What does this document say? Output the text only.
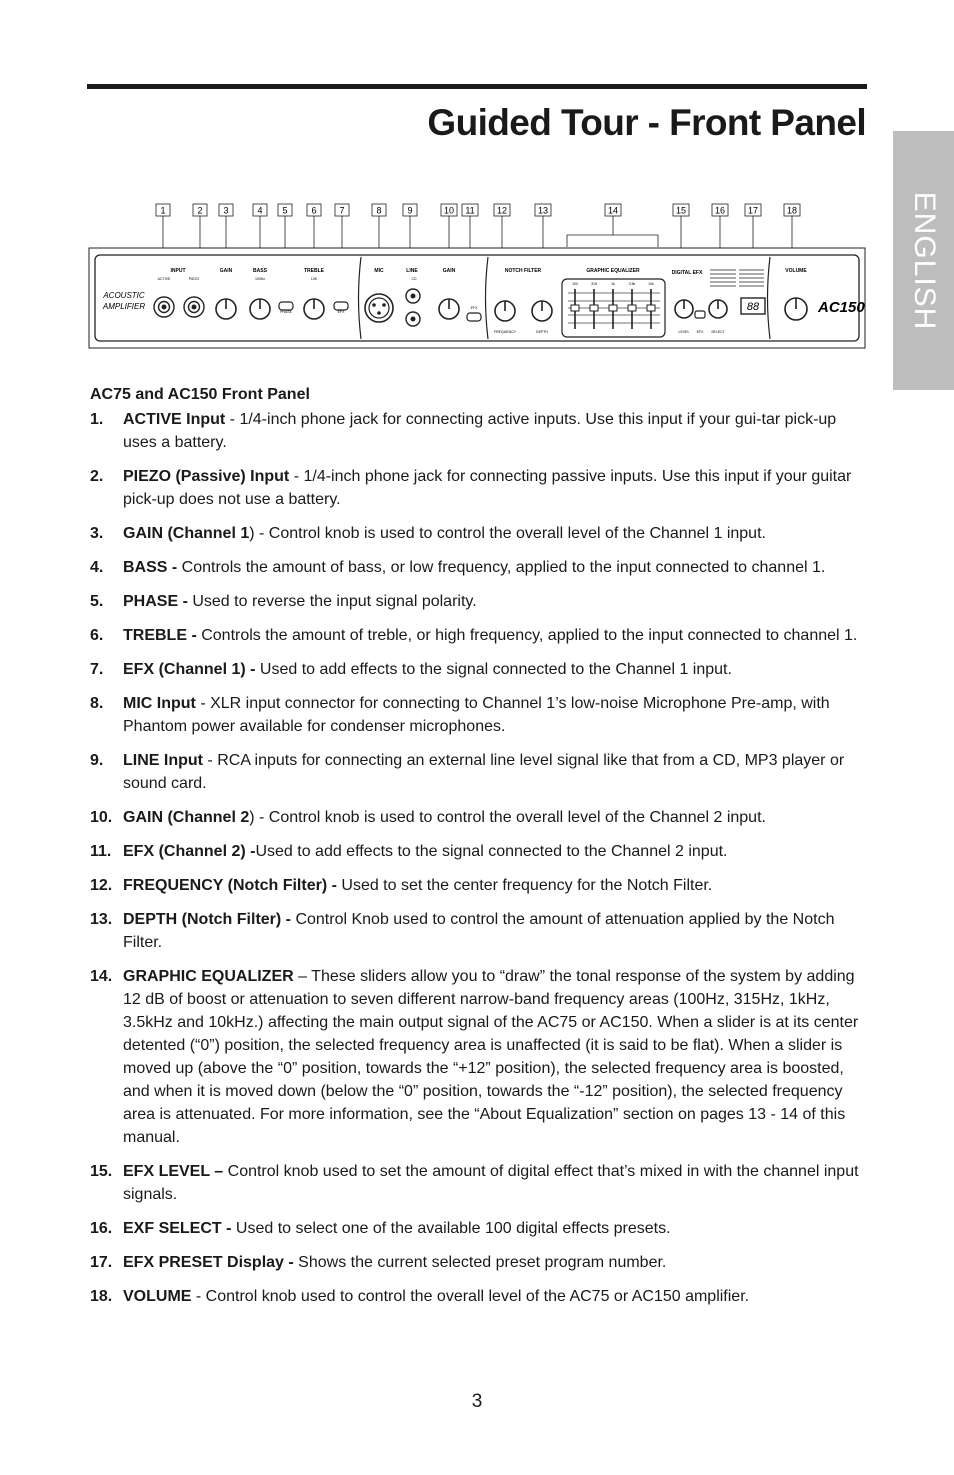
Guided Tour - Front Panel
ENGLISH
1	2 3	4 5	6	7	8	9	10 11 12	13	14	15	16	17	18
ACOUSTIC
AMPLIFIER
INPUT	GAIN	BASS	TREBLE	MIC	LINE	GAIN	NOTCH FILTER	GRAPHIC EQUALIZER	DIGITAL EFX	VOLUME
ACTIVE	PIEZO	100Hz	10K	CD
PHASE	EFX
EFX
FREQUENCY	DEPTH	LEVEL EFX SELECT
100	315	1k	3.5k	10k
88	AC150
AC75 and AC150 Front Panel
1. ACTIVE Input - 1/4-inch phone jack for connecting active inputs. Use this input if your gui-tar pick-up uses a battery.
2. PIEZO (Passive) Input - 1/4-inch phone jack for connecting passive inputs. Use this input if your guitar pick-up does not use a battery.
3. GAIN (Channel 1) - Control knob is used to control the overall level of the Channel 1 input.
4. BASS - Controls the amount of bass, or low frequency, applied to the input connected to channel 1.
5. PHASE - Used to reverse the input signal polarity.
6. TREBLE - Controls the amount of treble, or high frequency, applied to the input connected to channel 1.
7. EFX (Channel 1) - Used to add effects to the signal connected to the Channel 1 input.
8. MIC Input - XLR input connector for connecting to Channel 1’s low-noise Microphone Pre-amp, with Phantom power available for condenser microphones.
9. LINE Input - RCA inputs for connecting an external line level signal like that from a CD, MP3 player or sound card.
10. GAIN (Channel 2) - Control knob is used to control the overall level of the Channel 2 input.
11. EFX (Channel 2) -Used to add effects to the signal connected to the Channel 2 input.
12. FREQUENCY (Notch Filter) - Used to set the center frequency for the Notch Filter.
13. DEPTH (Notch Filter) - Control Knob used to control the amount of attenuation applied by the Notch Filter.
14. GRAPHIC EQUALIZER – These sliders allow you to “draw” the tonal response of the system by adding 12 dB of boost or attenuation to seven different narrow-band frequency areas (100Hz, 315Hz, 1kHz, 3.5kHz and 10kHz.) affecting the main output signal of the AC75 or AC150. When a slider is at its center detented (“0”) position, the selected frequency area is unaffected (it is said to be flat). When a slider is moved up (above the “0” position, towards the “+12” position), the selected frequency area is boosted, and when it is moved down (below the “0” position, towards the “-12” position), the selected frequency area is attenuated. For more information, see the “About Equalization” section on pages 13 - 14 of this manual.
15. EFX LEVEL – Control knob used to set the amount of digital effect that’s mixed in with the channel input signals.
16. EXF SELECT - Used to select one of the available 100 digital effects presets.
17. EFX PRESET Display - Shows the current selected preset program number.
18. VOLUME - Control knob used to control the overall level of the AC75 or AC150 amplifier.
3
